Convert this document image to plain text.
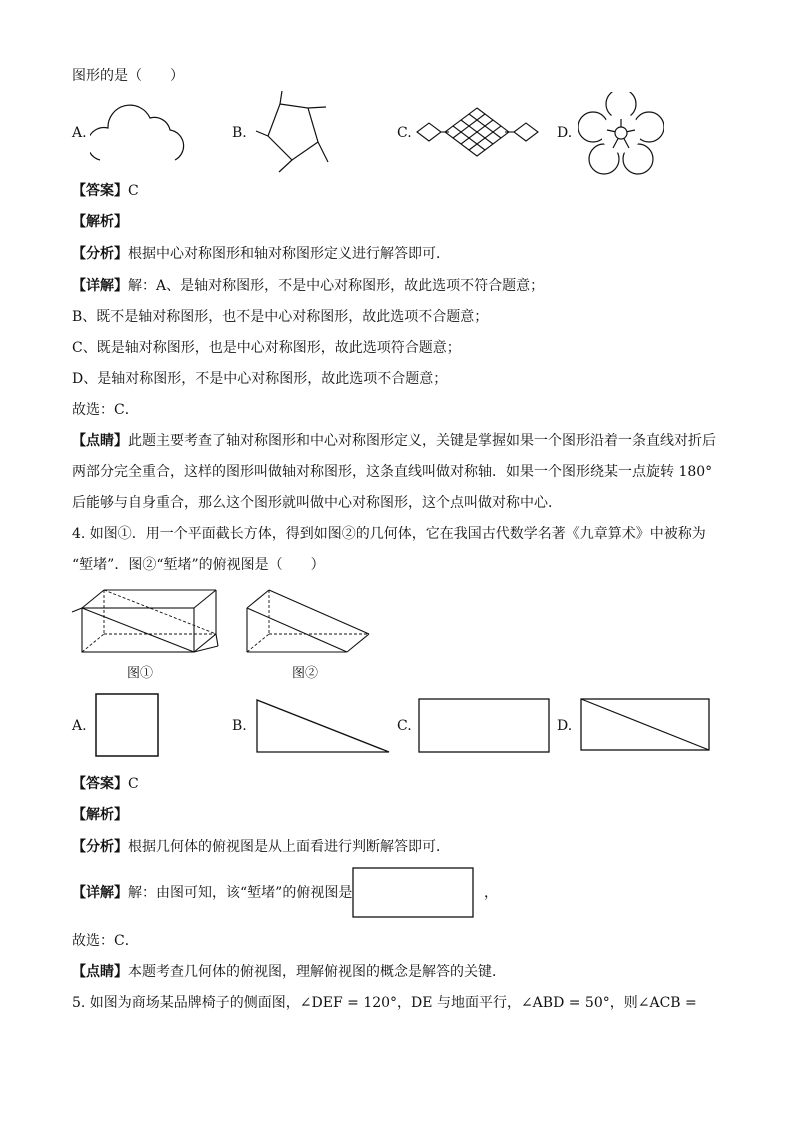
图形的是（　　）
A.	B.	C.	D.
【答案】C
【解析】
【分析】根据中心对称图形和轴对称图形定义进行解答即可．
【详解】解：A、是轴对称图形，不是中心对称图形，故此选项不符合题意；
B、既不是轴对称图形，也不是中心对称图形，故此选项不合题意；
C、既是轴对称图形，也是中心对称图形，故此选项符合题意；
D、是轴对称图形，不是中心对称图形，故此选项不合题意；
故选：C．
【点睛】此题主要考查了轴对称图形和中心对称图形定义，关键是掌握如果一个图形沿着一条直线对折后
两部分完全重合，这样的图形叫做轴对称图形，这条直线叫做对称轴．如果一个图形绕某一点旋转 180°
后能够与自身重合，那么这个图形就叫做中心对称图形，这个点叫做对称中心．
4. 如图①．用一个平面截长方体，得到如图②的几何体，它在我国古代数学名著《九章算术》中被称为
“堑堵”．图②“堑堵”的俯视图是（　　）
图①	图②
A.	B.	C.	D.
【答案】C
【解析】
【分析】根据几何体的俯视图是从上面看进行判断解答即可．
【详解】解：由图可知，该“堑堵”的俯视图是	，
故选：C．
【点睛】本题考查几何体的俯视图，理解俯视图的概念是解答的关键．
5. 如图为商场某品牌椅子的侧面图，∠DEF = 120°，DE 与地面平行，∠ABD = 50°，则∠ACB =
